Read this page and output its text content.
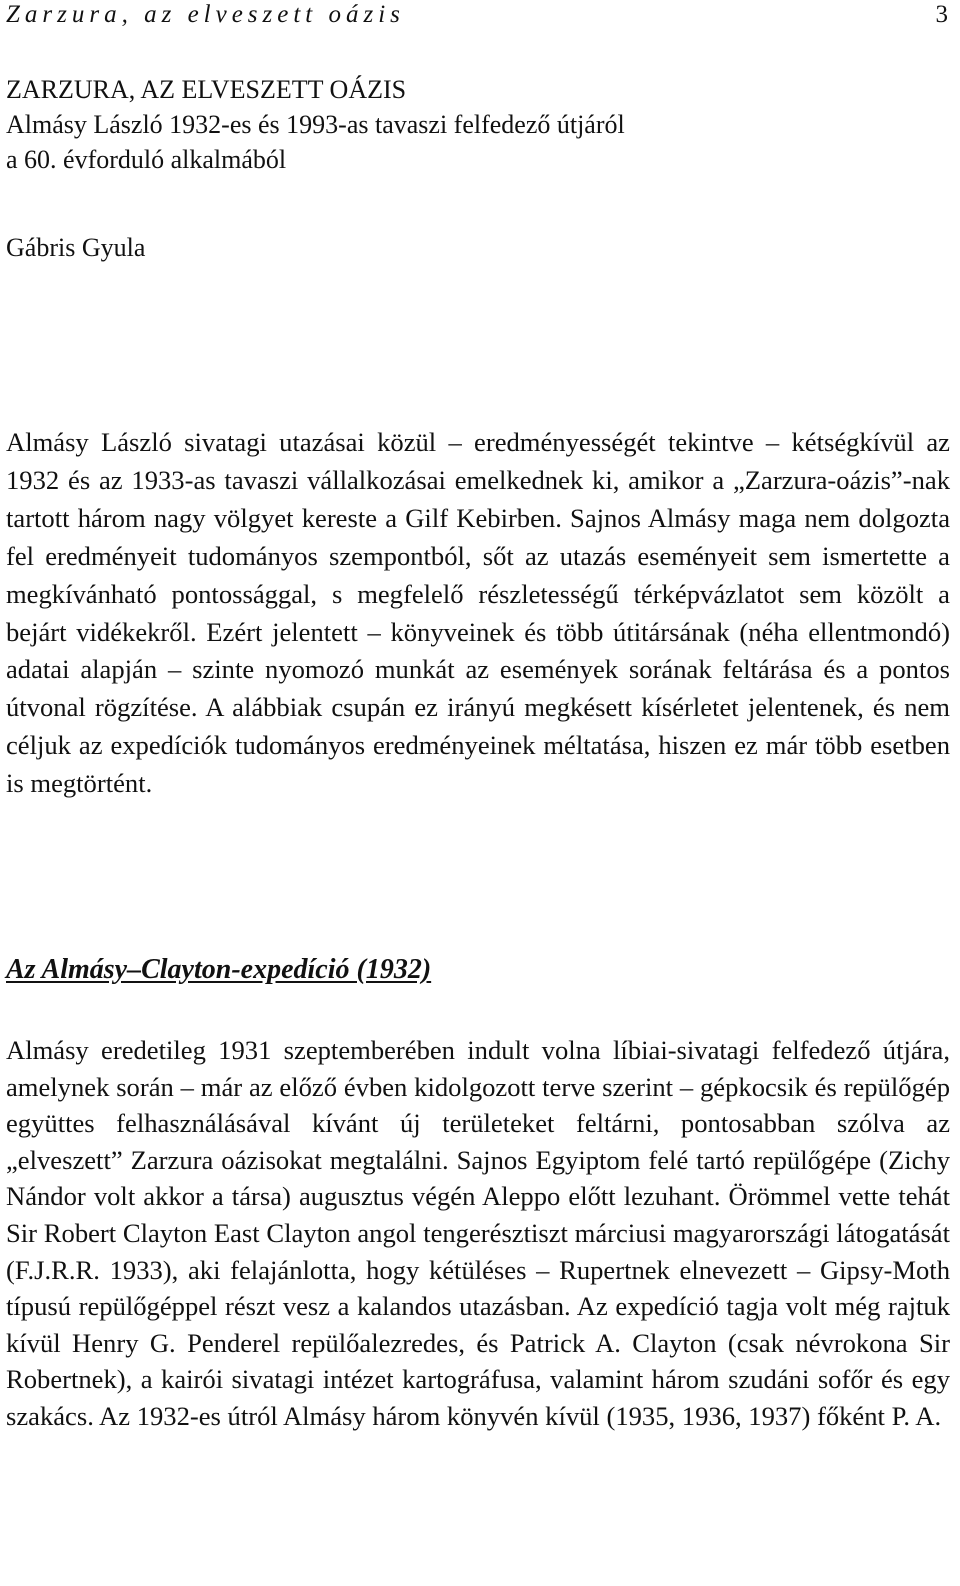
Zarzura, az elveszett oázis	3
ZARZURA, AZ ELVESZETT OÁZIS
Almásy László 1932-es és 1993-as tavaszi felfedező útjáról
a 60. évforduló alkalmából
Gábris Gyula

Almásy László sivatagi utazásai közül – eredményességét tekintve – kétségkívül az 1932 és az 1933-as tavaszi vállalkozásai emelkednek ki, amikor a „Zarzura-oázis”-nak tartott három nagy völgyet kereste a Gilf Kebirben. Sajnos Almásy maga nem dolgozta fel eredményeit tudományos szempontból, sőt az utazás eseményeit sem ismertette a megkívánható pontossággal, s megfelelő részletességű térképvázlatot sem közölt a bejárt vidékekről. Ezért jelentett – könyveinek és több útitársának (néha ellentmondó) adatai alapján – szinte nyomozó munkát az események sorának feltárása és a pontos útvonal rögzítése. A alábbiak csupán ez irányú megkésett kísérletet jelentenek, és nem céljuk az expedíciók tudományos eredményeinek méltatása, hiszen ez már több esetben is megtörtént.

Az Almásy–Clayton-expedíció (1932)

Almásy eredetileg 1931 szeptemberében indult volna líbiai-sivatagi felfedező útjára, amelynek során – már az előző évben kidolgozott terve szerint – gépkocsik és repülőgép együttes felhasználásával kívánt új területeket feltárni, pontosabban szólva az „elveszett” Zarzura oázisokat megtalálni. Sajnos Egyiptom felé tartó repülőgépe (Zichy Nándor volt akkor a társa) augusztus végén Aleppo előtt lezuhant. Örömmel vette tehát Sir Robert Clayton East Clayton angol tengerésztiszt márciusi magyarországi látogatását (F.J.R.R. 1933), aki felajánlotta, hogy kétüléses – Rupertnek elnevezett – Gipsy-Moth típusú repülőgéppel részt vesz a kalandos utazásban. Az expedíció tagja volt még rajtuk kívül Henry G. Penderel repülőalezredes, és Patrick A. Clayton (csak névrokona Sir Robertnek), a kairói sivatagi intézet kartográfusa, valamint három szudáni sofőr és egy szakács. Az 1932-es útról Almásy három könyvén kívül (1935, 1936, 1937) főként P. A.
